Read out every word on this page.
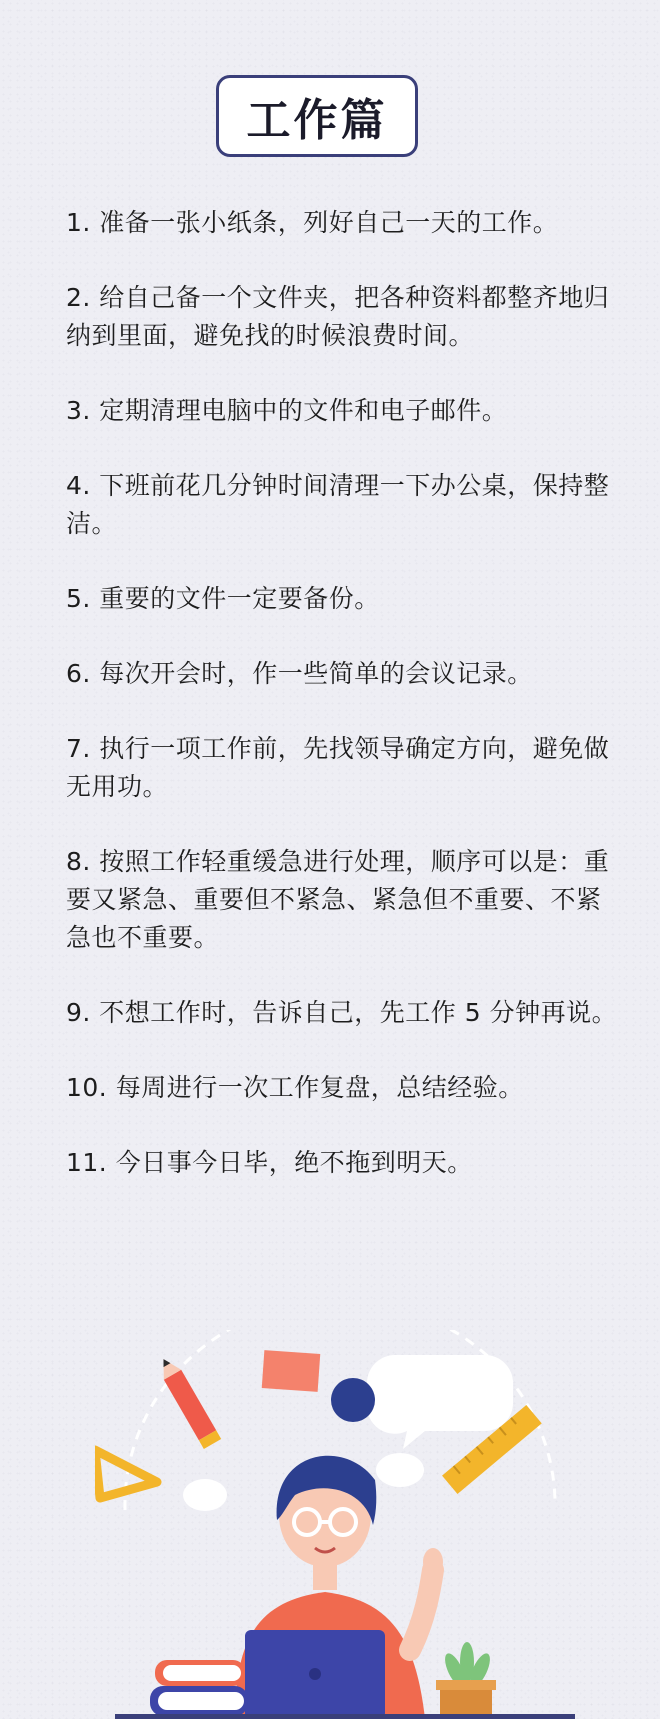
工作篇
1. 准备一张小纸条，列好自己一天的工作。
2. 给自己备一个文件夹，把各种资料都整齐地归纳到里面，避免找的时候浪费时间。
3. 定期清理电脑中的文件和电子邮件。
4. 下班前花几分钟时间清理一下办公桌，保持整洁。
5. 重要的文件一定要备份。
6. 每次开会时，作一些简单的会议记录。
7. 执行一项工作前，先找领导确定方向，避免做无用功。
8. 按照工作轻重缓急进行处理，顺序可以是：重要又紧急、重要但不紧急、紧急但不重要、不紧急也不重要。
9. 不想工作时，告诉自己，先工作 5 分钟再说。
10. 每周进行一次工作复盘，总结经验。
11. 今日事今日毕，绝不拖到明天。
